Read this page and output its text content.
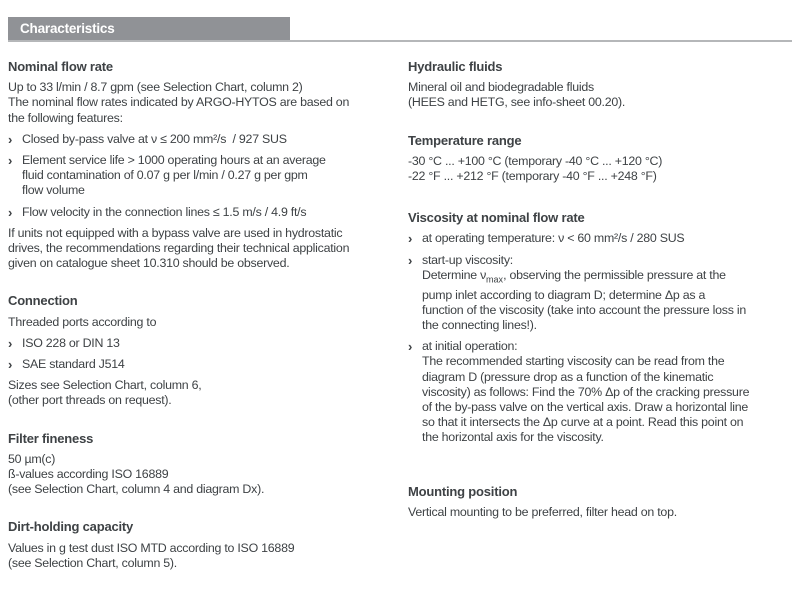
Characteristics
Nominal flow rate
Up to 33 l/min / 8.7 gpm (see Selection Chart, column 2)
The nominal flow rates indicated by ARGO-HYTOS are based on
the following features:
› Closed by-pass valve at ν ≤ 200 mm²/s  / 927 SUS
› Element service life > 1000 operating hours at an average
fluid contamination of 0.07 g per l/min / 0.27 g per gpm
flow volume
› Flow velocity in the connection lines ≤ 1.5 m/s / 4.9 ft/s
If units not equipped with a bypass valve are used in hydrostatic
drives, the recommendations regarding their technical application
given on catalogue sheet 10.310 should be observed.
Connection
Threaded ports according to
› ISO 228 or DIN 13
› SAE standard J514
Sizes see Selection Chart, column 6,
(other port threads on request).
Filter fineness
50 µm(c)
ß-values according ISO 16889
(see Selection Chart, column 4 and diagram Dx).
Dirt-holding capacity
Values in g test dust ISO MTD according to ISO 16889
(see Selection Chart, column 5).
Hydraulic fluids
Mineral oil and biodegradable fluids
(HEES and HETG, see info-sheet 00.20).
Temperature range
-30 °C ... +100 °C (temporary -40 °C ... +120 °C)
-22 °F ... +212 °F (temporary -40 °F ... +248 °F)
Viscosity at nominal flow rate
› at operating temperature: ν < 60 mm²/s / 280 SUS
› start-up viscosity:
Determine $\nu_{max}$, observing the permissible pressure at the
pump inlet according to diagram D; determine Δp as a
function of the viscosity (take into account the pressure loss in
the connecting lines!).
› at initial operation:
The recommended starting viscosity can be read from the
diagram D (pressure drop as a function of the kinematic
viscosity) as follows: Find the 70% Δp of the cracking pressure
of the by-pass valve on the vertical axis. Draw a horizontal line
so that it intersects the Δp curve at a point. Read this point on
the horizontal axis for the viscosity.
Mounting position
Vertical mounting to be preferred, filter head on top.
